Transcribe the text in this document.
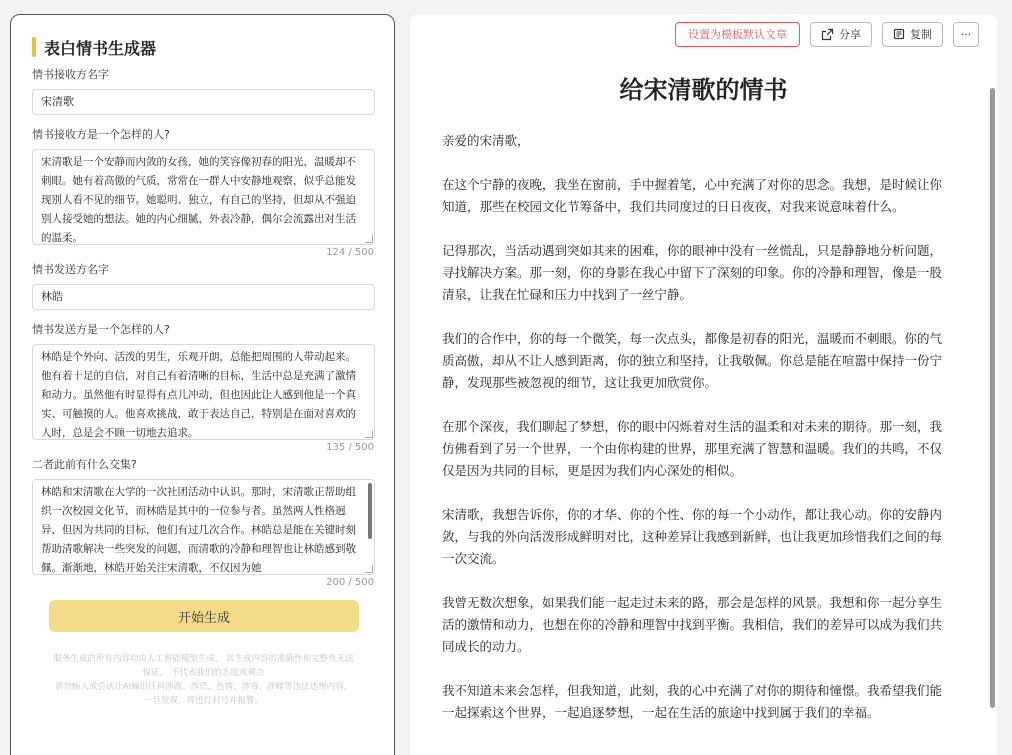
表白情书生成器
情书接收方名字
宋清歌
情书接收方是一个怎样的人?
宋清歌是一个安静而内敛的女孩，她的笑容像初春的阳光，温暖却不刺眼。她有着高傲的气质，常常在一群人中安静地观察，似乎总能发现别人看不见的细节。她聪明、独立，有自己的坚持，但却从不强迫别人接受她的想法。她的内心细腻，外表冷静，偶尔会流露出对生活的温柔。
124 / 500
情书发送方名字
林皓
情书发送方是一个怎样的人?
林皓是个外向、活泼的男生，乐观开朗，总能把周围的人带动起来。他有着十足的自信，对自己有着清晰的目标，生活中总是充满了激情和动力。虽然他有时显得有点儿冲动，但也因此让人感到他是一个真实、可触摸的人。他喜欢挑战，敢于表达自己，特别是在面对喜欢的人时，总是会不顾一切地去追求。
135 / 500
二者此前有什么交集?
林皓和宋清歌在大学的一次社团活动中认识。那时，宋清歌正帮助组织一次校园文化节，而林皓是其中的一位参与者。虽然两人性格迥异，但因为共同的目标，他们有过几次合作。林皓总是能在关键时刻帮助清歌解决一些突发的问题，而清歌的冷静和理智也让林皓感到敬佩。渐渐地，林皓开始关注宋清歌，不仅因为她
200 / 500
开始生成
服务生成的所有内容均由人工智能模型生成， 其生成内容的准确性和完整性无法
保证， 不代表我们的态度或观点
请勿输入或尝试让AI输出任何涉政、涉恐、色情、涉毒、涉赌等违法违规内容，
一旦发现，将进行封号并报警。
设置为模板默认文章	分享	复制	···
给宋清歌的情书

亲爱的宋清歌，

在这个宁静的夜晚，我坐在窗前，手中握着笔，心中充满了对你的思念。我想，是时候让你知道，那些在校园文化节筹备中，我们共同度过的日日夜夜，对我来说意味着什么。

记得那次，当活动遇到突如其来的困难，你的眼神中没有一丝慌乱，只是静静地分析问题，寻找解决方案。那一刻，你的身影在我心中留下了深刻的印象。你的冷静和理智，像是一股清泉，让我在忙碌和压力中找到了一丝宁静。

我们的合作中，你的每一个微笑，每一次点头，都像是初春的阳光，温暖而不刺眼。你的气质高傲，却从不让人感到距离，你的独立和坚持，让我敬佩。你总是能在喧嚣中保持一份宁静，发现那些被忽视的细节，这让我更加欣赏你。

在那个深夜，我们聊起了梦想，你的眼中闪烁着对生活的温柔和对未来的期待。那一刻，我仿佛看到了另一个世界，一个由你构建的世界，那里充满了智慧和温暖。我们的共鸣，不仅仅是因为共同的目标，更是因为我们内心深处的相似。

宋清歌，我想告诉你，你的才华、你的个性、你的每一个小动作，都让我心动。你的安静内敛，与我的外向活泼形成鲜明对比，这种差异让我感到新鲜，也让我更加珍惜我们之间的每一次交流。

我曾无数次想象，如果我们能一起走过未来的路，那会是怎样的风景。我想和你一起分享生活的激情和动力，也想在你的冷静和理智中找到平衡。我相信，我们的差异可以成为我们共同成长的动力。

我不知道未来会怎样，但我知道，此刻，我的心中充满了对你的期待和憧憬。我希望我们能一起探索这个世界，一起追逐梦想，一起在生活的旅途中找到属于我们的幸福。
